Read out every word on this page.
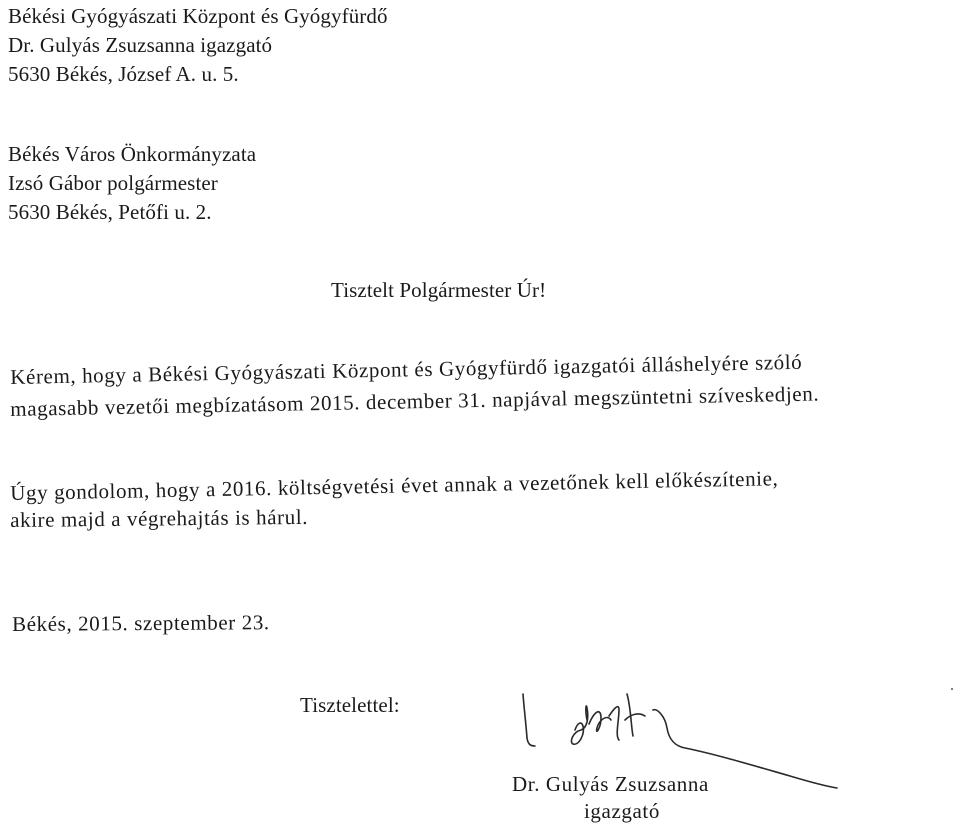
Békési Gyógyászati Központ és Gyógyfürdő
Dr. Gulyás Zsuzsanna igazgató
5630 Békés, József A. u. 5.
Békés Város Önkormányzata
Izsó Gábor polgármester
5630 Békés, Petőfi u. 2.
Tisztelt Polgármester Úr!
Kérem, hogy a Békési Gyógyászati Központ és Gyógyfürdő igazgatói álláshelyére szóló
magasabb vezetői megbízatásom 2015. december 31. napjával megszüntetni szíveskedjen.
Úgy gondolom, hogy a 2016. költségvetési évet annak a vezetőnek kell előkészítenie,
akire majd a végrehajtás is hárul.
Békés, 2015. szeptember 23.
Tisztelettel:
Dr. Gulyás Zsuzsanna
igazgató
